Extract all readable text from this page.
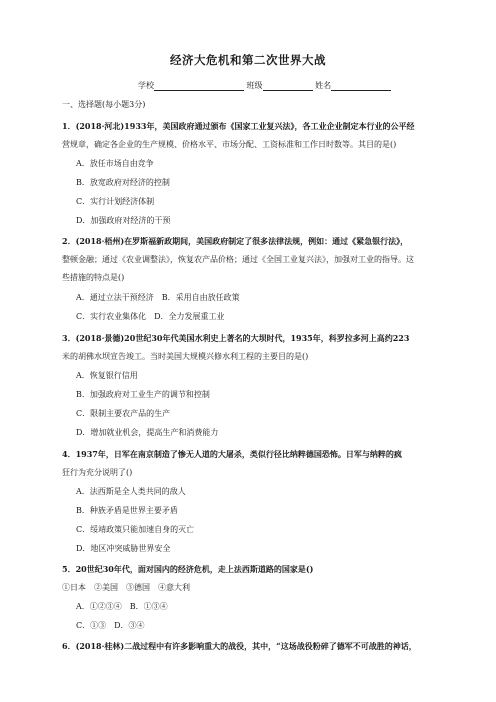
经济大危机和第二次世界大战
学校	班级	姓名
一、选择题(每小题3分)
1．(2018·河北)1933年，美国政府通过颁布《国家工业复兴法》，各工业企业制定本行业的公平经
营规章，确定各企业的生产规模、价格水平、市场分配、工资标准和工作日时数等。其目的是()
A．放任市场自由竞争
B．放宽政府对经济的控制
C．实行计划经济体制
D．加强政府对经济的干预
2．(2018·梧州)在罗斯福新政期间，美国政府制定了很多法律法规，例如：通过《紧急银行法》，
整顿金融；通过《农业调整法》，恢复农产品价格；通过《全国工业复兴法》，加强对工业的指导。这
些措施的特点是()
A．通过立法干预经济　B．采用自由放任政策
C．实行农业集体化　D．全力发展重工业
3．(2018·景德)20世纪30年代美国水利史上著名的大坝时代，1935年，科罗拉多河上高约223
米的胡佛水坝宣告竣工。当时美国大规模兴修水利工程的主要目的是()
A．恢复银行信用
B．加强政府对工业生产的调节和控制
C．限制主要农产品的生产
D．增加就业机会，提高生产和消费能力
4．1937年，日军在南京制造了惨无人道的大屠杀，类似行径比纳粹德国恐怖。日军与纳粹的疯
狂行为充分说明了()
A．法西斯是全人类共同的敌人
B．种族矛盾是世界主要矛盾
C．绥靖政策只能加速自身的灭亡
D．地区冲突威胁世界安全
5．20世纪30年代，面对国内的经济危机，走上法西斯道路的国家是()
①日本　②美国　③德国　④意大利
A．①②③④　B．①③④
C．①③　D．③④
6．(2018·桂林)二战过程中有许多影响重大的战役，其中，“这场战役粉碎了德军不可战胜的神话，
